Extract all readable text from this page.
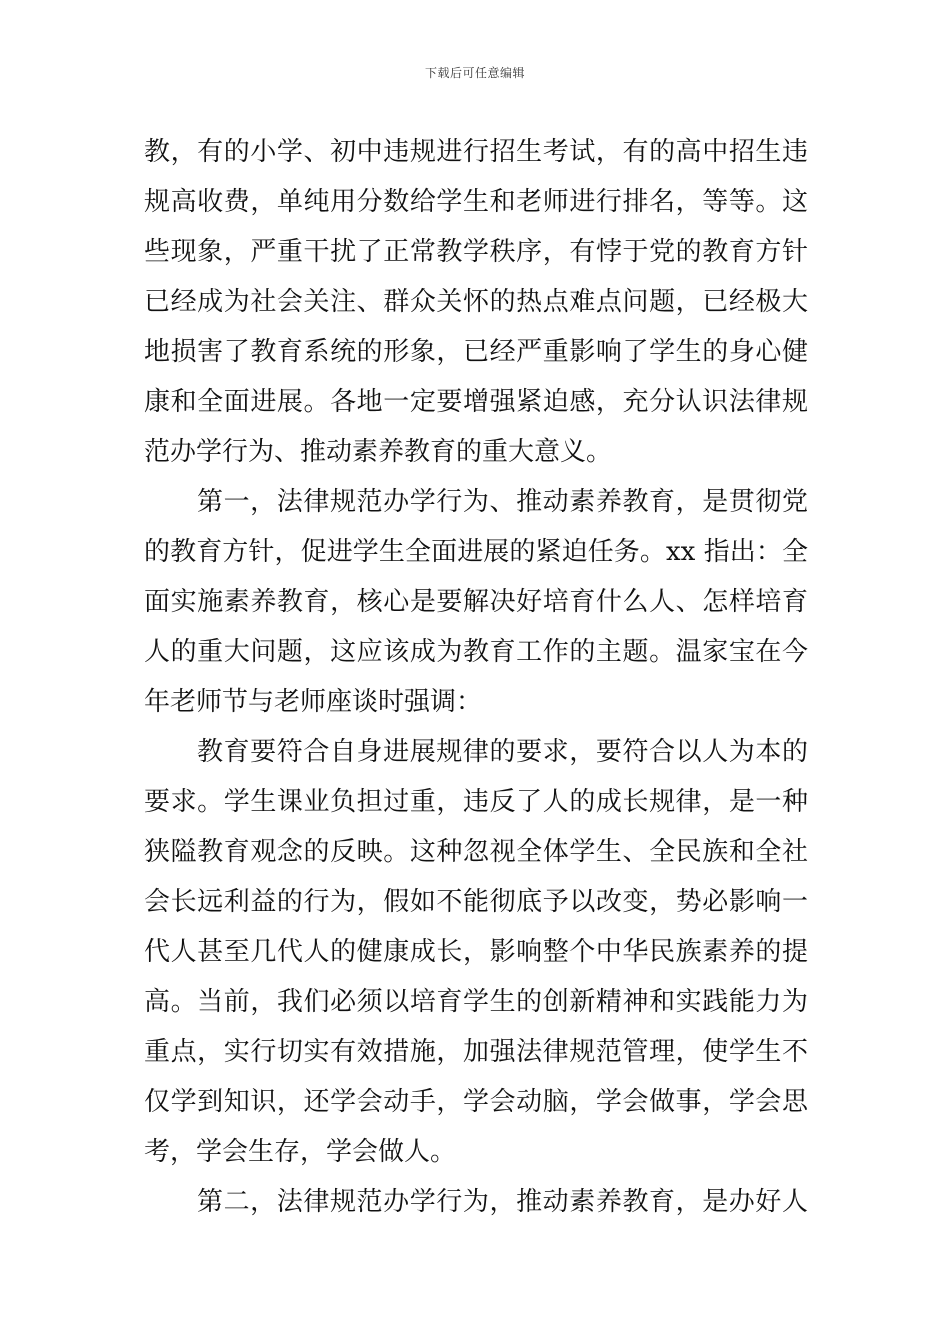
下载后可任意编辑
教，有的小学、初中违规进行招生考试，有的高中招生违
规高收费，单纯用分数给学生和老师进行排名，等等。这
些现象，严重干扰了正常教学秩序，有悖于党的教育方针
已经成为社会关注、群众关怀的热点难点问题，已经极大
地损害了教育系统的形象，已经严重影响了学生的身心健
康和全面进展。各地一定要增强紧迫感，充分认识法律规
范办学行为、推动素养教育的重大意义。
第一，法律规范办学行为、推动素养教育，是贯彻党
的教育方针，促进学生全面进展的紧迫任务。xx 指出：全
面实施素养教育，核心是要解决好培育什么人、怎样培育
人的重大问题，这应该成为教育工作的主题。温家宝在今
年老师节与老师座谈时强调：
教育要符合自身进展规律的要求，要符合以人为本的
要求。学生课业负担过重，违反了人的成长规律，是一种
狭隘教育观念的反映。这种忽视全体学生、全民族和全社
会长远利益的行为，假如不能彻底予以改变，势必影响一
代人甚至几代人的健康成长，影响整个中华民族素养的提
高。当前，我们必须以培育学生的创新精神和实践能力为
重点，实行切实有效措施，加强法律规范管理，使学生不
仅学到知识，还学会动手，学会动脑，学会做事，学会思
考，学会生存，学会做人。
第二，法律规范办学行为，推动素养教育，是办好人
